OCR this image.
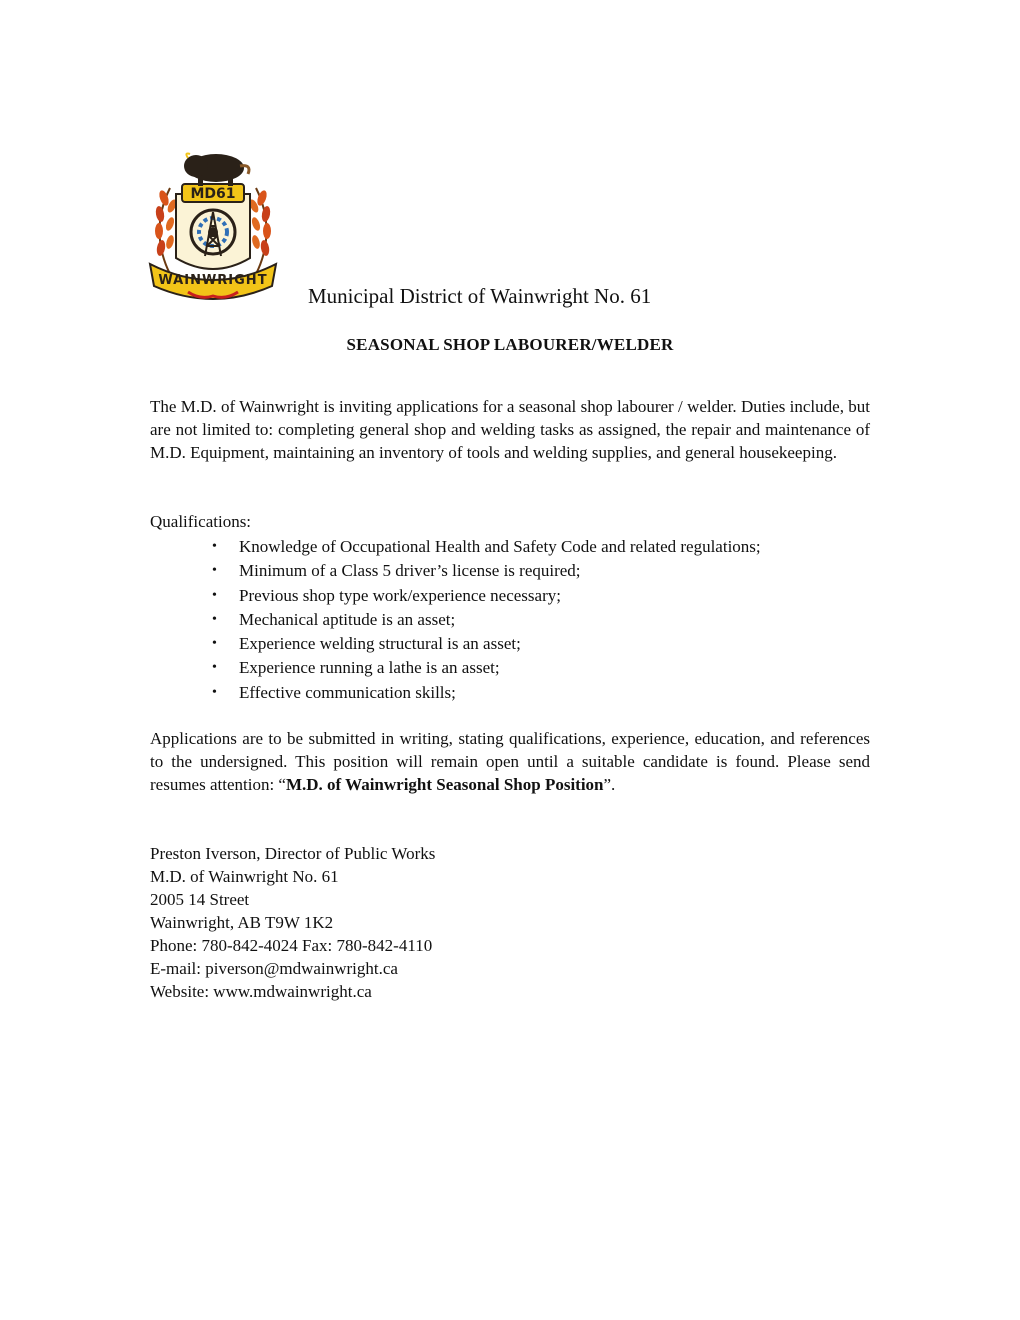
MD61
WAINWRIGHT
Municipal District of Wainwright No. 61
SEASONAL SHOP LABOURER/WELDER
The M.D. of Wainwright is inviting applications for a seasonal shop labourer / welder. Duties include, but are not limited to: completing general shop and welding tasks as assigned, the repair and maintenance of M.D. Equipment, maintaining an inventory of tools and welding supplies, and general housekeeping.
Qualifications:
• Knowledge of Occupational Health and Safety Code and related regulations;
• Minimum of a Class 5 driver’s license is required;
• Previous shop type work/experience necessary;
• Mechanical aptitude is an asset;
• Experience welding structural is an asset;
• Experience running a lathe is an asset;
• Effective communication skills;
Applications are to be submitted in writing, stating qualifications, experience, education, and references to the undersigned. This position will remain open until a suitable candidate is found. Please send resumes attention: “M.D. of Wainwright Seasonal Shop Position”.
Preston Iverson, Director of Public Works
M.D. of Wainwright No. 61
2005 14 Street
Wainwright, AB T9W 1K2
Phone: 780-842-4024 Fax: 780-842-4110
E-mail: piverson@mdwainwright.ca
Website: www.mdwainwright.ca
